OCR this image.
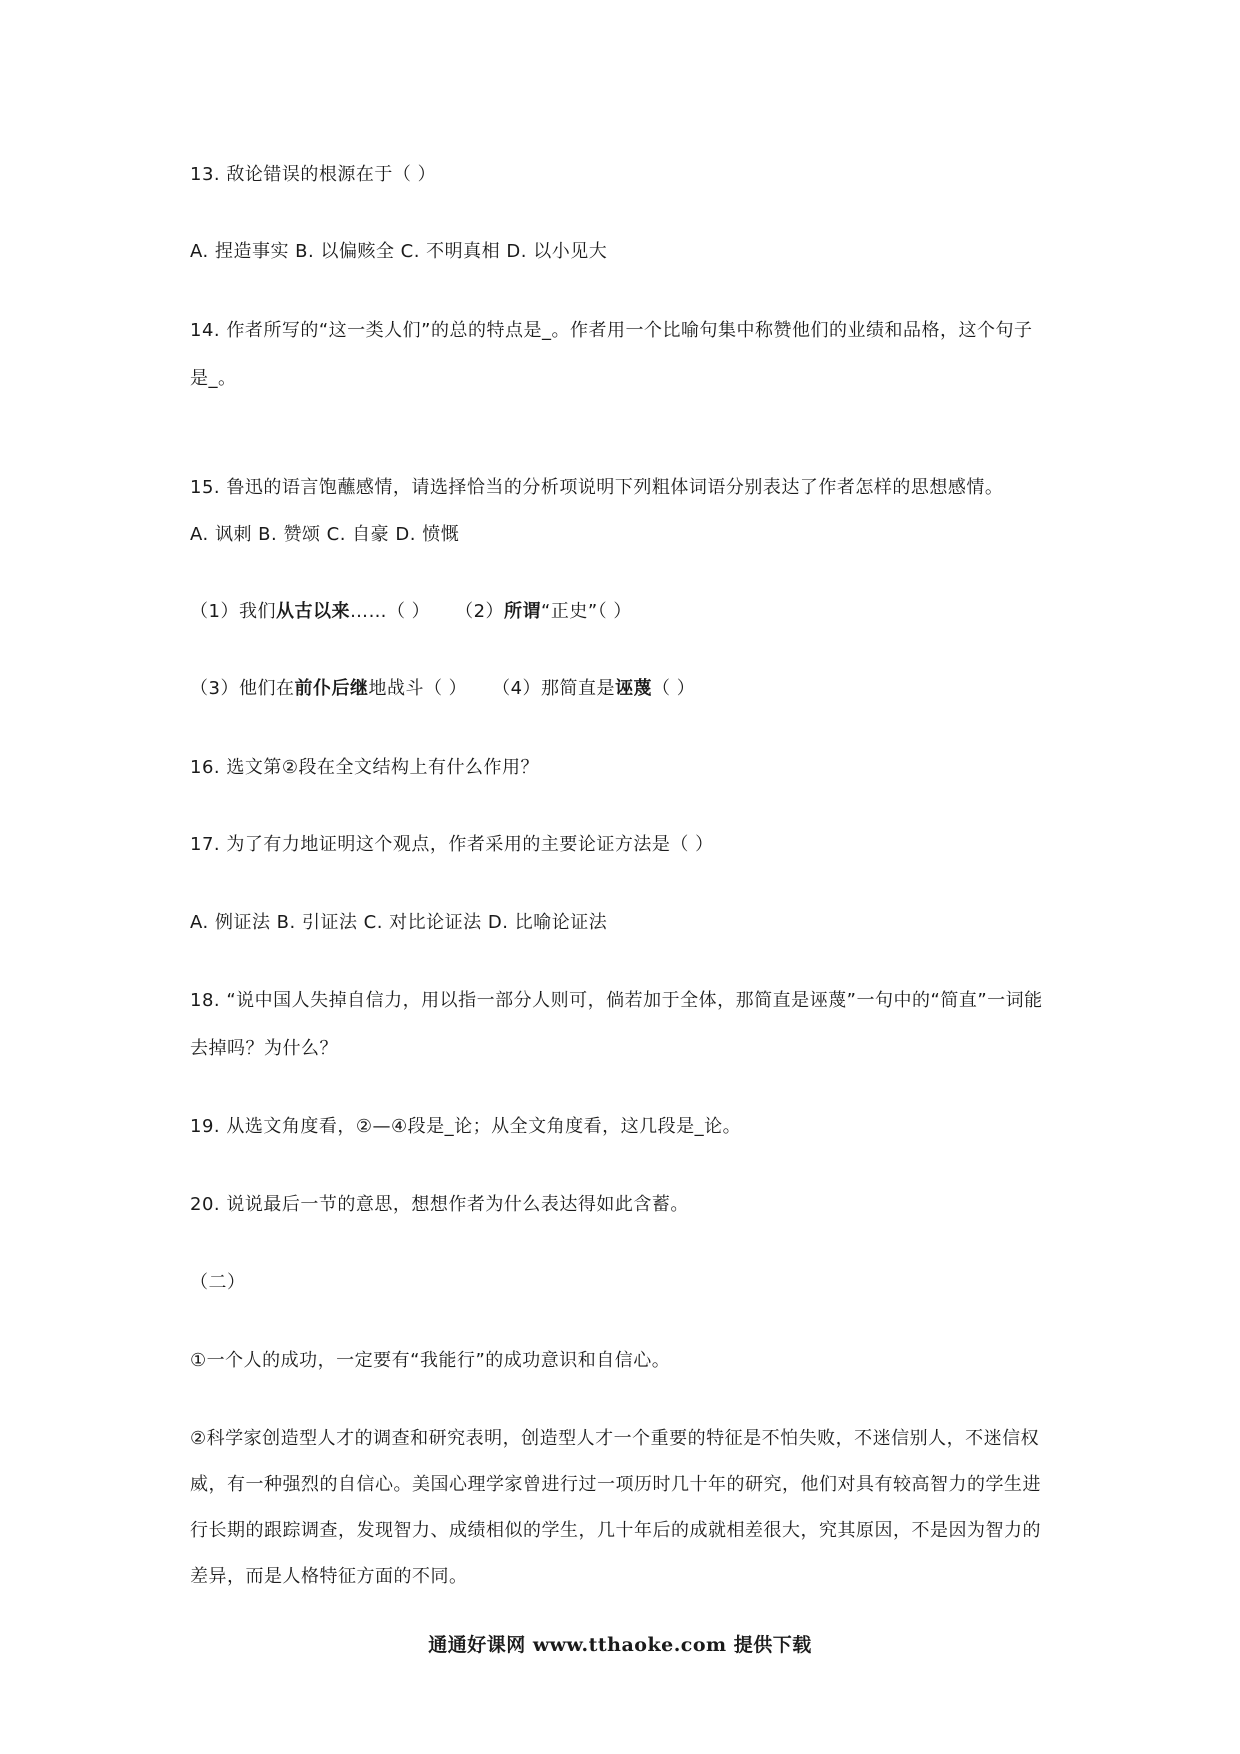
13. 敌论错误的根源在于（ ）
A. 捏造事实 B. 以偏赅全 C. 不明真相 D. 以小见大
14. 作者所写的“这一类人们”的总的特点是_。作者用一个比喻句集中称赞他们的业绩和品格，这个句子
是_。
15. 鲁迅的语言饱蘸感情，请选择恰当的分析项说明下列粗体词语分别表达了作者怎样的思想感情。
A. 讽刺 B. 赞颂 C. 自豪 D. 愤慨
（1）我们从古以来……（ ） （2）所谓“正史”（ ）
（3）他们在前仆后继地战斗（ ） （4）那简直是诬蔑（ ）
16. 选文第②段在全文结构上有什么作用？
17. 为了有力地证明这个观点，作者采用的主要论证方法是（ ）
A. 例证法 B. 引证法 C. 对比论证法 D. 比喻论证法
18. “说中国人失掉自信力，用以指一部分人则可，倘若加于全体，那简直是诬蔑”一句中的“简直”一词能
去掉吗？为什么？
19. 从选文角度看，②—④段是_论；从全文角度看，这几段是_论。
20. 说说最后一节的意思，想想作者为什么表达得如此含蓄。
（二）
①一个人的成功，一定要有“我能行”的成功意识和自信心。
②科学家创造型人才的调查和研究表明，创造型人才一个重要的特征是不怕失败，不迷信别人，不迷信权
威，有一种强烈的自信心。美国心理学家曾进行过一项历时几十年的研究，他们对具有较高智力的学生进
行长期的跟踪调查，发现智力、成绩相似的学生，几十年后的成就相差很大，究其原因，不是因为智力的
差异，而是人格特征方面的不同。
通通好课网 www.tthaoke.com 提供下载
